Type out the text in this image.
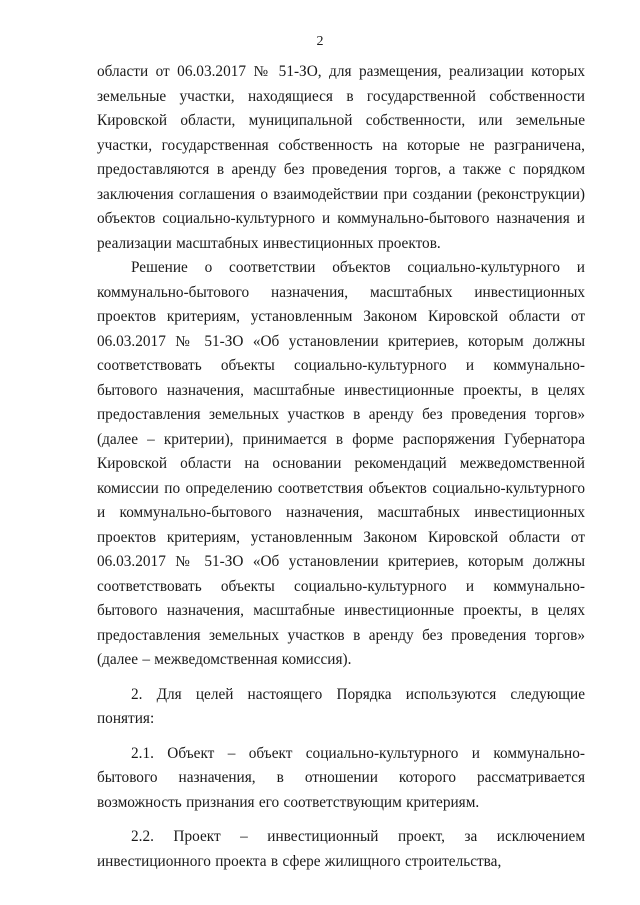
2

области от 06.03.2017 № 51-ЗО, для размещения, реализации которых земельные участки, находящиеся в государственной собственности Кировской области, муниципальной собственности, или земельные участки, государственная собственность на которые не разграничена, предоставляются в аренду без проведения торгов, а также с порядком заключения соглашения о взаимодействии при создании (реконструкции) объектов социально-культурного и коммунально-бытового назначения и реализации масштабных инвестиционных проектов.

Решение о соответствии объектов социально-культурного и коммунально-бытового назначения, масштабных инвестиционных проектов критериям, установленным Законом Кировской области от 06.03.2017 № 51-ЗО «Об установлении критериев, которым должны соответствовать объекты социально-культурного и коммунально-бытового назначения, масштабные инвестиционные проекты, в целях предоставления земельных участков в аренду без проведения торгов» (далее – критерии), принимается в форме распоряжения Губернатора Кировской области на основании рекомендаций межведомственной комиссии по определению соответствия объектов социально-культурного и коммунально-бытового назначения, масштабных инвестиционных проектов критериям, установленным Законом Кировской области от 06.03.2017 № 51-ЗО «Об установлении критериев, которым должны соответствовать объекты социально-культурного и коммунально-бытового назначения, масштабные инвестиционные проекты, в целях предоставления земельных участков в аренду без проведения торгов» (далее – межведомственная комиссия).

2. Для целей настоящего Порядка используются следующие понятия:

2.1. Объект – объект социально-культурного и коммунально-бытового назначения, в отношении которого рассматривается возможность признания его соответствующим критериям.

2.2. Проект – инвестиционный проект, за исключением инвестиционного проекта в сфере жилищного строительства,
